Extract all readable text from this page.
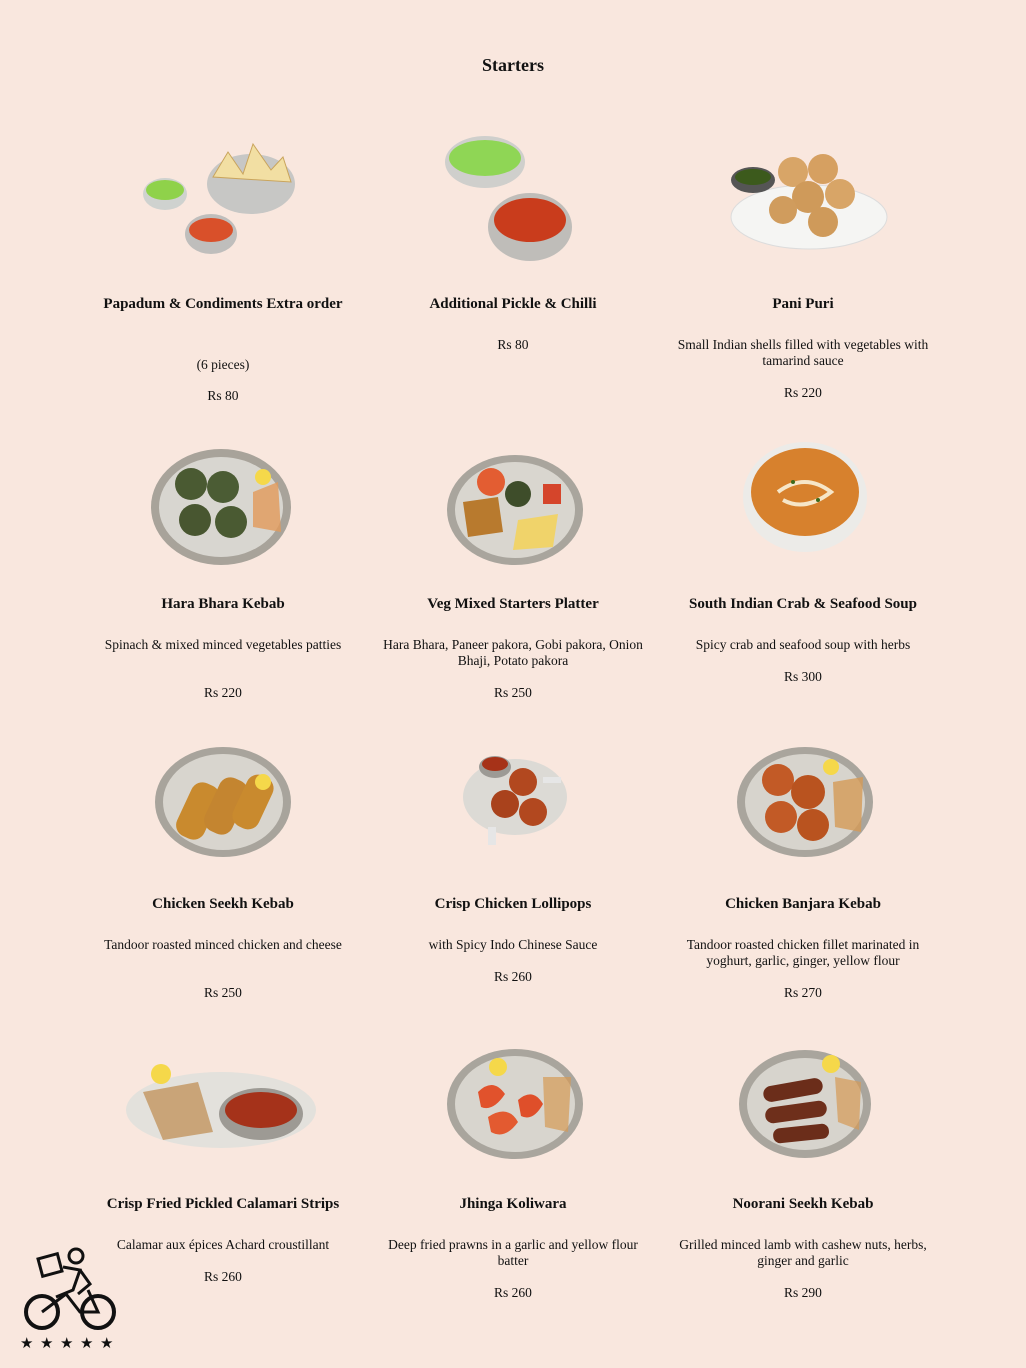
Starters
Papadum & Condiments Extra order
(6 pieces)
Rs 80
Additional Pickle & Chilli
Rs 80
Pani Puri
Small Indian shells filled with vegetables with tamarind sauce
Rs 220
Hara Bhara Kebab
Spinach & mixed minced vegetables patties
Rs 220
Veg Mixed Starters Platter
Hara Bhara, Paneer pakora, Gobi pakora, Onion Bhaji, Potato pakora
Rs 250
South Indian Crab & Seafood Soup
Spicy crab and seafood soup with herbs
Rs 300
Chicken Seekh Kebab
Tandoor roasted minced chicken and cheese
Rs 250
Crisp Chicken Lollipops
with Spicy Indo Chinese Sauce
Rs 260
Chicken Banjara Kebab
Tandoor roasted chicken fillet marinated in yoghurt, garlic, ginger, yellow flour
Rs 270
Crisp Fried Pickled Calamari Strips
Calamar aux épices Achard croustillant
Rs 260
Jhinga Koliwara
Deep fried prawns in a garlic and yellow flour batter
Rs 260
Noorani Seekh Kebab
Grilled minced lamb with cashew nuts, herbs, ginger and garlic
Rs 290
★ ★ ★ ★ ★
